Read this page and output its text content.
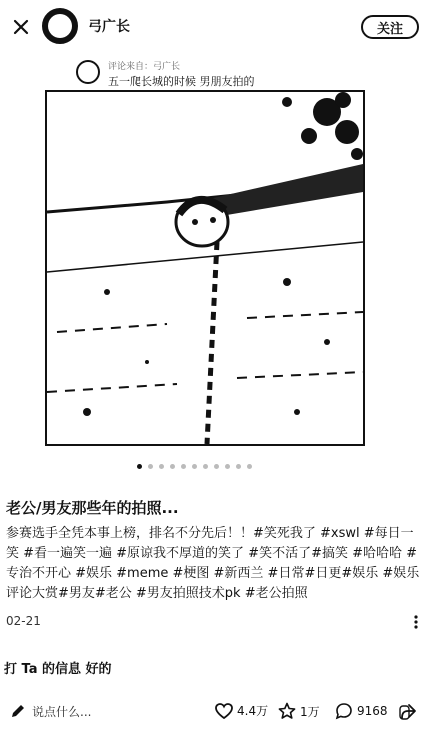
弓广长	关注
评论来自：弓广长
五一爬长城的时候 男朋友拍的
老公/男友那些年的拍照...
参赛选手全凭本事上榜，排名不分先后！！#笑死我了 #xswl #每日一笑 #看一遍笑一遍 #原谅我不厚道的笑了 #笑不活了#搞笑 #哈哈哈 #专治不开心 #娱乐 #meme #梗图 #新西兰 #日常#日更#娱乐 #娱乐评论大赏#男友#老公 #男友拍照技术pk #老公拍照
02-21
打 Ta 的信息 好的
说点什么...	4.4万	1万	9168
